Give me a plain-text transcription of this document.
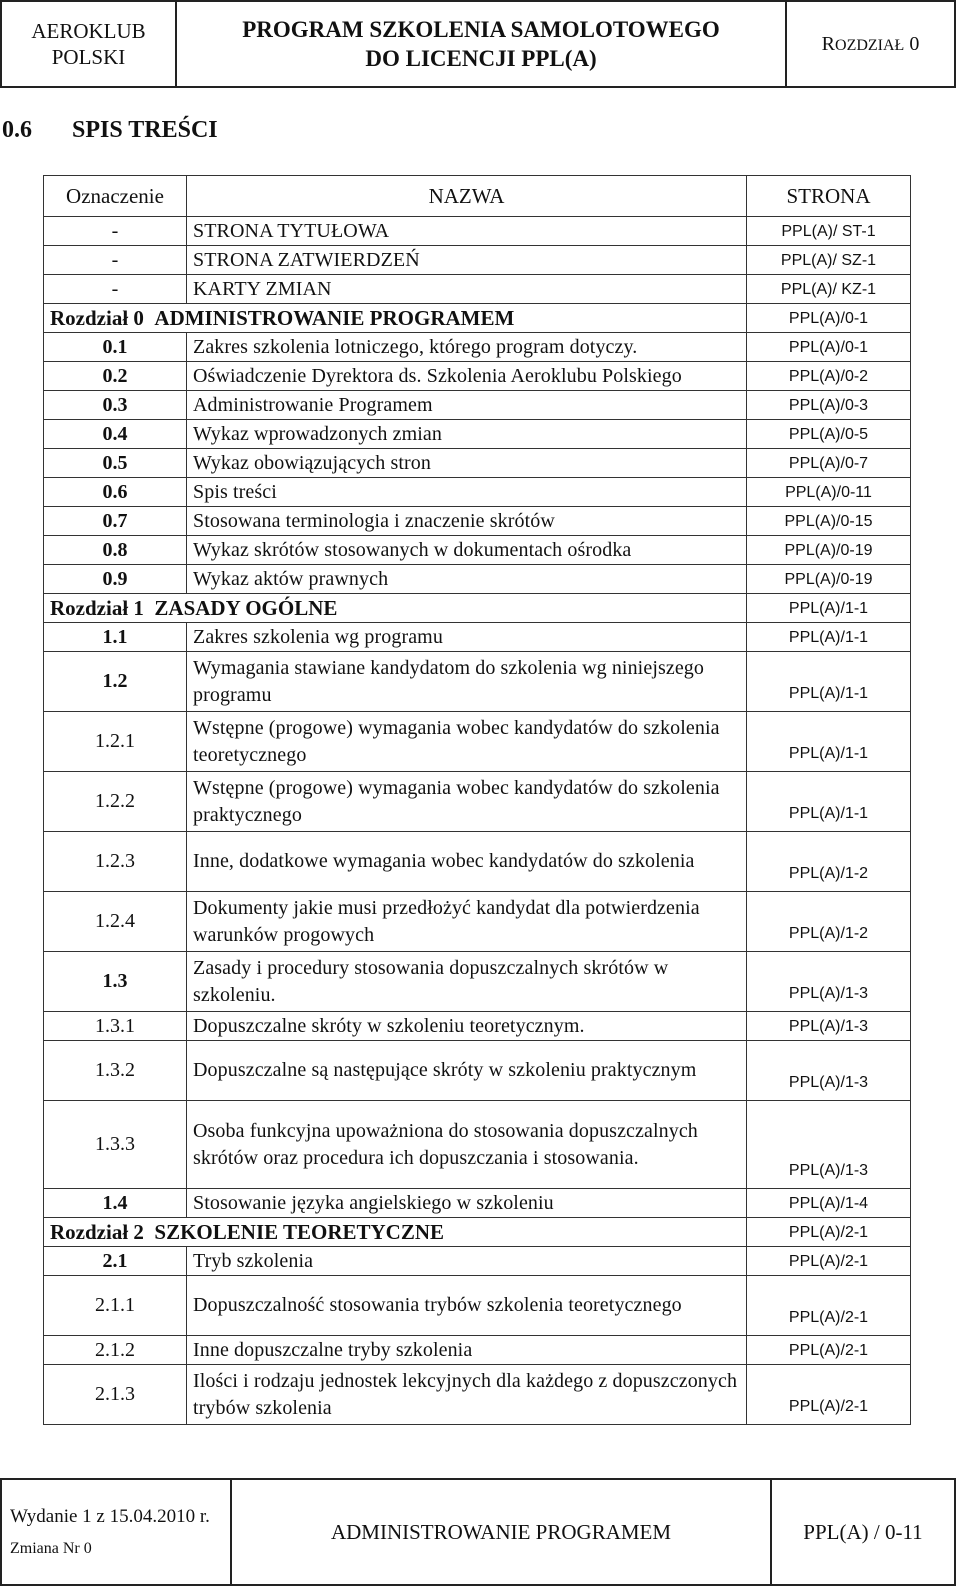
AEROKLUB
POLSKI
PROGRAM SZKOLENIA SAMOLOTOWEGO
DO LICENCJI PPL(A)
ROZDZIAŁ 0
0.6 SPIS TREŚCI
Oznaczenie	NAZWA	STRONA
-	STRONA TYTUŁOWA	PPL(A)/ ST-1
-	STRONA ZATWIERDZEŃ	PPL(A)/ SZ-1
-	KARTY ZMIAN	PPL(A)/ KZ-1
Rozdział 0 ADMINISTROWANIE PROGRAMEM		PPL(A)/0-1
0.1	Zakres szkolenia lotniczego, którego program dotyczy.	PPL(A)/0-1
0.2	Oświadczenie Dyrektora ds. Szkolenia Aeroklubu Polskiego	PPL(A)/0-2
0.3	Administrowanie Programem	PPL(A)/0-3
0.4	Wykaz wprowadzonych zmian	PPL(A)/0-5
0.5	Wykaz obowiązujących stron	PPL(A)/0-7
0.6	Spis treści	PPL(A)/0-11
0.7	Stosowana terminologia i znaczenie skrótów	PPL(A)/0-15
0.8	Wykaz skrótów stosowanych w dokumentach ośrodka	PPL(A)/0-19
0.9	Wykaz aktów prawnych	PPL(A)/0-19
Rozdział 1 ZASADY OGÓLNE		PPL(A)/1-1
1.1	Zakres szkolenia wg programu	PPL(A)/1-1
1.2	Wymagania stawiane kandydatom do szkolenia wg niniejszego programu	PPL(A)/1-1
1.2.1	Wstępne (progowe) wymagania wobec kandydatów do szkolenia teoretycznego	PPL(A)/1-1
1.2.2	Wstępne (progowe) wymagania wobec kandydatów do szkolenia praktycznego	PPL(A)/1-1
1.2.3	Inne, dodatkowe wymagania wobec kandydatów do szkolenia	PPL(A)/1-2
1.2.4	Dokumenty jakie musi przedłożyć kandydat dla potwierdzenia warunków progowych	PPL(A)/1-2
1.3	Zasady i procedury stosowania dopuszczalnych skrótów w szkoleniu.	PPL(A)/1-3
1.3.1	Dopuszczalne skróty w szkoleniu teoretycznym.	PPL(A)/1-3
1.3.2	Dopuszczalne są następujące skróty w szkoleniu praktycznym	PPL(A)/1-3
1.3.3	Osoba funkcyjna upoważniona do stosowania dopuszczalnych skrótów oraz procedura ich dopuszczania i stosowania.	PPL(A)/1-3
1.4	Stosowanie języka angielskiego w szkoleniu	PPL(A)/1-4
Rozdział 2 SZKOLENIE TEORETYCZNE		PPL(A)/2-1
2.1	Tryb szkolenia	PPL(A)/2-1
2.1.1	Dopuszczalność stosowania trybów szkolenia teoretycznego	PPL(A)/2-1
2.1.2	Inne dopuszczalne tryby szkolenia	PPL(A)/2-1
2.1.3	Ilości i rodzaju jednostek lekcyjnych dla każdego z dopuszczonych trybów szkolenia	PPL(A)/2-1
Wydanie 1 z 15.04.2010 r.
Zmiana Nr 0
ADMINISTROWANIE PROGRAMEM	PPL(A) / 0-11
